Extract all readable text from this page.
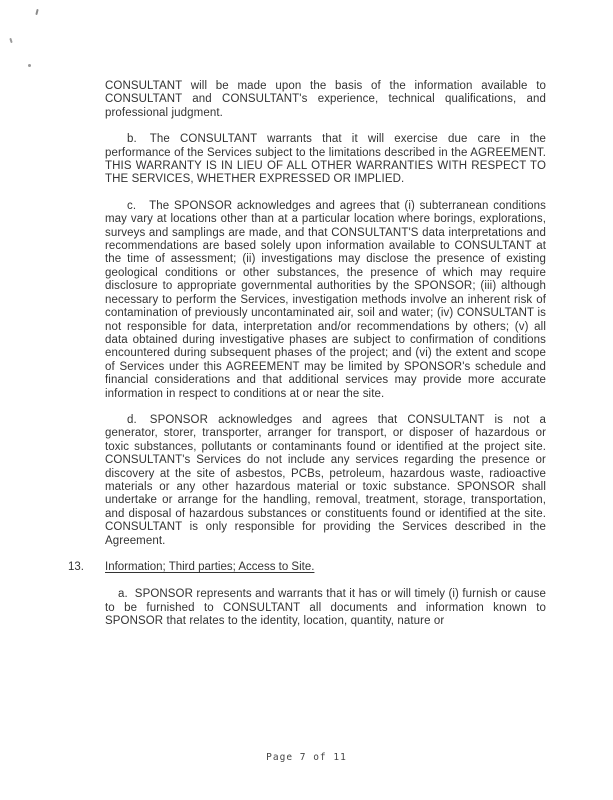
CONSULTANT will be made upon the basis of the information available to CONSULTANT and CONSULTANT's experience, technical qualifications, and professional judgment.

b. The CONSULTANT warrants that it will exercise due care in the performance of the Services subject to the limitations described in the AGREEMENT. THIS WARRANTY IS IN LIEU OF ALL OTHER WARRANTIES WITH RESPECT TO THE SERVICES, WHETHER EXPRESSED OR IMPLIED.

c. The SPONSOR acknowledges and agrees that (i) subterranean conditions may vary at locations other than at a particular location where borings, explorations, surveys and samplings are made, and that CONSULTANT'S data interpretations and recommendations are based solely upon information available to CONSULTANT at the time of assessment; (ii) investigations may disclose the presence of existing geological conditions or other substances, the presence of which may require disclosure to appropriate governmental authorities by the SPONSOR; (iii) although necessary to perform the Services, investigation methods involve an inherent risk of contamination of previously uncontaminated air, soil and water; (iv) CONSULTANT is not responsible for data, interpretation and/or recommendations by others; (v) all data obtained during investigative phases are subject to confirmation of conditions encountered during subsequent phases of the project; and (vi) the extent and scope of Services under this AGREEMENT may be limited by SPONSOR's schedule and financial considerations and that additional services may provide more accurate information in respect to conditions at or near the site.

d. SPONSOR acknowledges and agrees that CONSULTANT is not a generator, storer, transporter, arranger for transport, or disposer of hazardous or toxic substances, pollutants or contaminants found or identified at the project site. CONSULTANT's Services do not include any services regarding the presence or discovery at the site of asbestos, PCBs, petroleum, hazardous waste, radioactive materials or any other hazardous material or toxic substance. SPONSOR shall undertake or arrange for the handling, removal, treatment, storage, transportation, and disposal of hazardous substances or constituents found or identified at the site. CONSULTANT is only responsible for providing the Services described in the Agreement.

13. Information; Third parties; Access to Site.

a. SPONSOR represents and warrants that it has or will timely (i) furnish or cause to be furnished to CONSULTANT all documents and information known to SPONSOR that relates to the identity, location, quantity, nature or

Page 7 of 11
